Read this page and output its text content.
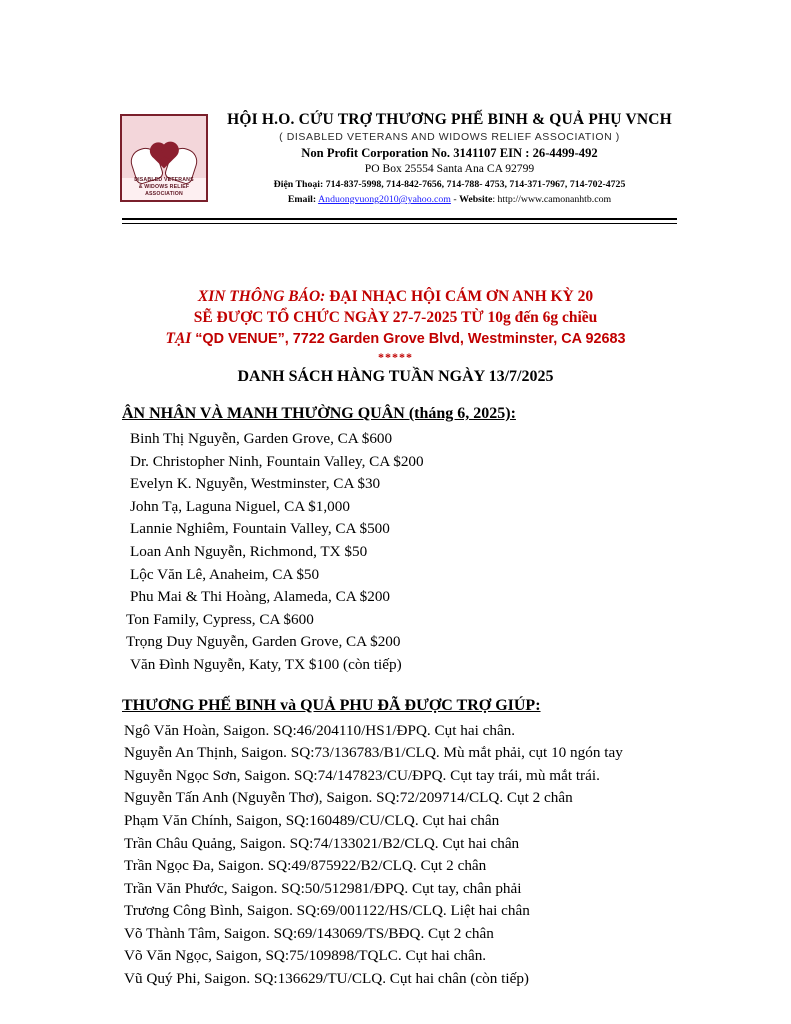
DISABLED VETERANS
& WIDOWS RELIEF ASSOCIATION
HỘI H.O. CỨU TRỢ THƯƠNG PHẾ BINH & QUẢ PHỤ VNCH
( DISABLED VETERANS AND WIDOWS RELIEF ASSOCIATION )
Non Profit Corporation No. 3141107 EIN : 26-4499-492
PO Box 25554 Santa Ana CA 92799
Điện Thoại: 714-837-5998, 714-842-7656, 714-788- 4753, 714-371-7967, 714-702-4725
Email: Anduongvuong2010@yahoo.com - Website: http://www.camonanhtb.com
XIN THÔNG BÁO: ĐẠI NHẠC HỘI CÁM ƠN ANH KỲ 20
SẼ ĐƯỢC TỔ CHỨC NGÀY 27-7-2025 TỪ 10g đến 6g chiều
TẠI “QD VENUE”, 7722 Garden Grove Blvd, Westminster, CA 92683
*****
DANH SÁCH HÀNG TUẦN NGÀY 13/7/2025
ÂN NHÂN VÀ MANH THƯỜNG QUÂN (tháng 6, 2025):
Binh Thị Nguyễn, Garden Grove, CA $600
Dr. Christopher Ninh, Fountain Valley, CA $200
Evelyn K. Nguyễn, Westminster, CA $30
John Tạ, Laguna Niguel, CA $1,000
Lannie Nghiêm, Fountain Valley, CA $500
Loan Anh Nguyễn, Richmond, TX $50
Lộc Văn Lê, Anaheim, CA $50
Phu Mai & Thi Hoàng, Alameda, CA $200
Ton Family, Cypress, CA $600
Trọng Duy Nguyễn, Garden Grove, CA $200
Văn Đình Nguyễn, Katy, TX $100 (còn tiếp)
THƯƠNG PHẾ BINH và QUẢ PHU ĐÃ ĐƯỢC TRỢ GIÚP:
Ngô Văn Hoàn, Saigon. SQ:46/204110/HS1/ĐPQ. Cụt hai chân.
Nguyễn An Thịnh, Saigon. SQ:73/136783/B1/CLQ. Mù mắt phải, cụt 10 ngón tay
Nguyễn Ngọc Sơn, Saigon. SQ:74/147823/CU/ĐPQ. Cụt tay trái, mù mắt trái.
Nguyễn Tấn Anh (Nguyễn Thơ), Saigon. SQ:72/209714/CLQ. Cụt 2 chân
Phạm Văn Chính, Saigon, SQ:160489/CU/CLQ. Cụt hai chân
Trần Châu Quảng, Saigon. SQ:74/133021/B2/CLQ. Cụt hai chân
Trần Ngọc Đa, Saigon. SQ:49/875922/B2/CLQ. Cụt 2 chân
Trần Văn Phước, Saigon. SQ:50/512981/ĐPQ. Cụt tay, chân phải
Trương Công Bình, Saigon. SQ:69/001122/HS/CLQ. Liệt hai chân
Võ Thành Tâm, Saigon. SQ:69/143069/TS/BĐQ. Cụt 2 chân
Võ Văn Ngọc, Saigon, SQ:75/109898/TQLC. Cụt hai chân.
Vũ Quý Phi, Saigon. SQ:136629/TU/CLQ. Cụt hai chân (còn tiếp)
